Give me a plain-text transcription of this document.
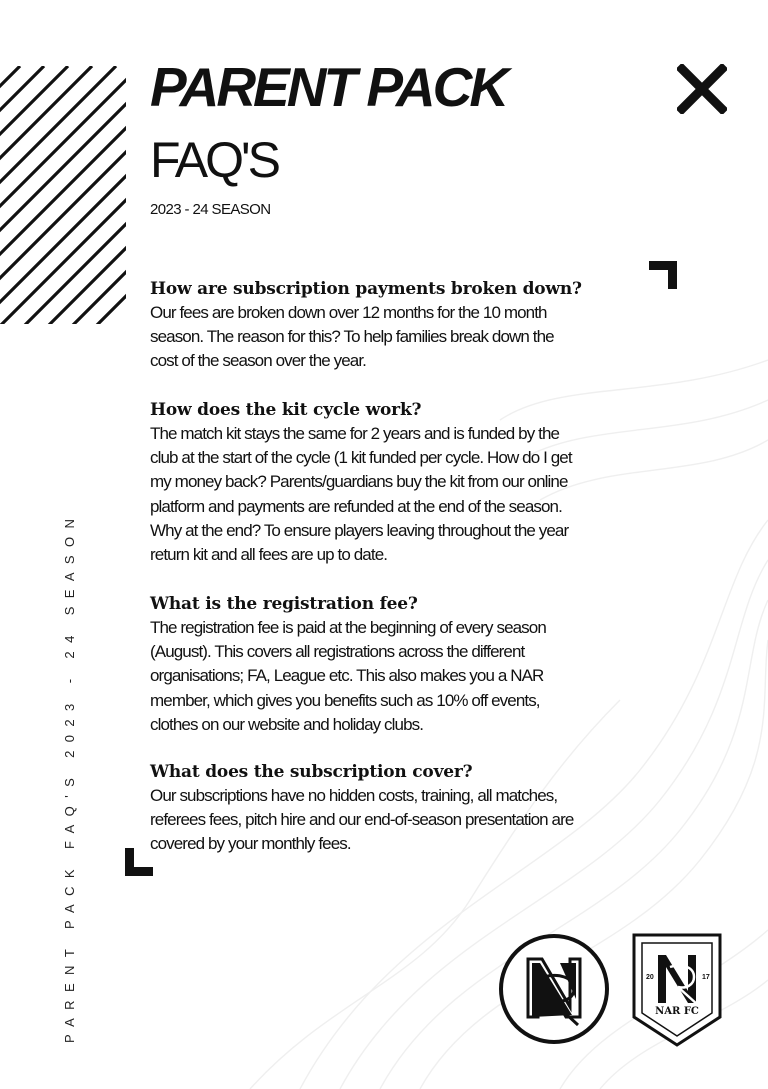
PARENT PACK
FAQ'S
2023 - 24 SEASON
PARENT PACK FAQ'S 2023 - 24 SEASON
How are subscription payments broken down?

Our fees are broken down over 12 months for the 10 month
season. The reason for this? To help families break down the
cost of the season over the year.

How does the kit cycle work?

The match kit stays the same for 2 years and is funded by the
club at the start of the cycle (1 kit funded per cycle. How do I get
my money back? Parents/guardians buy the kit from our online
platform and payments are refunded at the end of the season.
Why at the end? To ensure players leaving throughout the year
return kit and all fees are up to date.

What is the registration fee?

The registration fee is paid at the beginning of every season
(August). This covers all registrations across the different
organisations; FA, League etc. This also makes you a NAR
member, which gives you benefits such as 10% off events,
clothes on our website and holiday clubs.

What does the subscription cover?

Our subscriptions have no hidden costs, training, all matches,
referees fees, pitch hire and our end-of-season presentation are
covered by your monthly fees.

20	17
NAR FC
